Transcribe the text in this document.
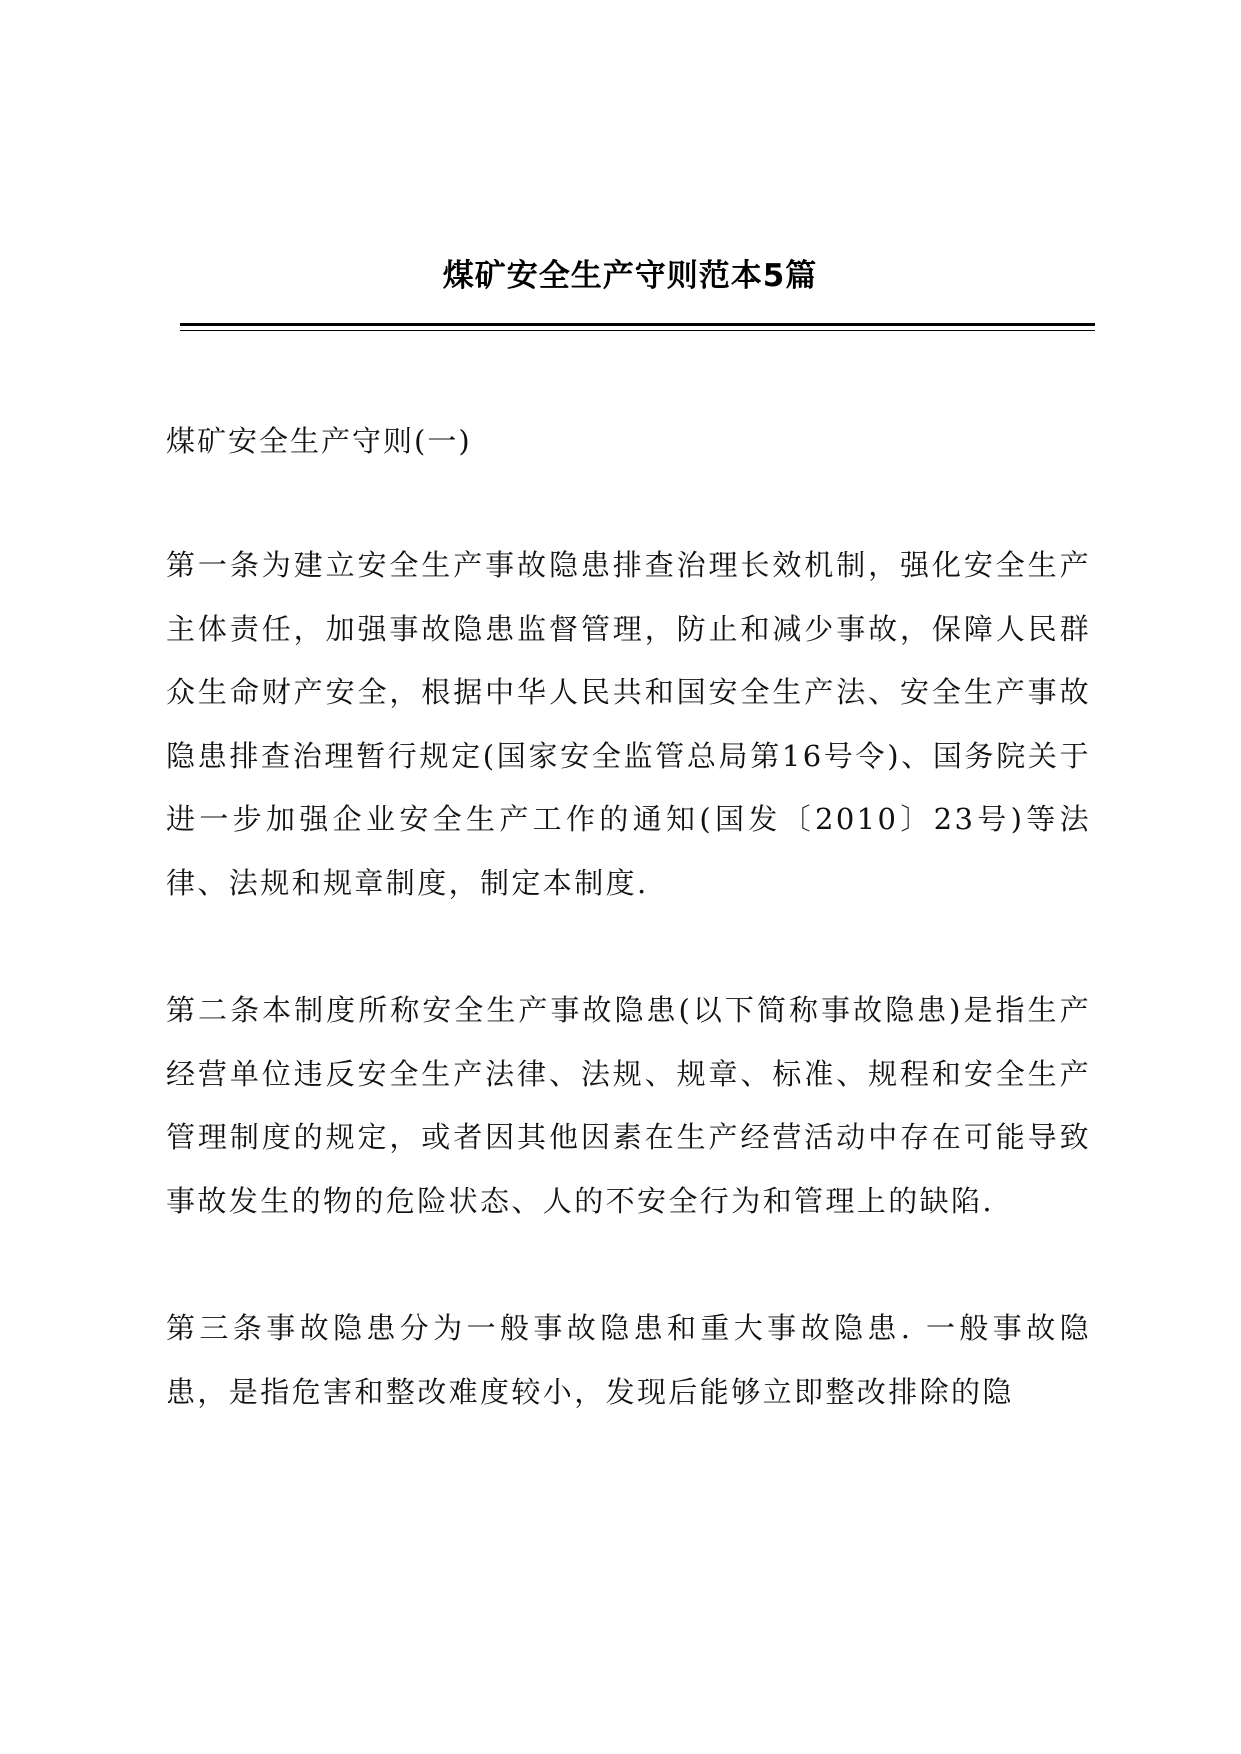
煤矿安全生产守则范本5篇
煤矿安全生产守则(一)

第一条为建立安全生产事故隐患排查治理长效机制，强化安全生产主体责任，加强事故隐患监督管理，防止和减少事故，保障人民群众生命财产安全，根据中华人民共和国安全生产法、安全生产事故隐患排查治理暂行规定(国家安全监管总局第16号令)、国务院关于进一步加强企业安全生产工作的通知(国发〔2010〕23号)等法律、法规和规章制度，制定本制度.

第二条本制度所称安全生产事故隐患(以下简称事故隐患)是指生产经营单位违反安全生产法律、法规、规章、标准、规程和安全生产管理制度的规定，或者因其他因素在生产经营活动中存在可能导致事故发生的物的危险状态、人的不安全行为和管理上的缺陷.

第三条事故隐患分为一般事故隐患和重大事故隐患. 一般事故隐患，是指危害和整改难度较小，发现后能够立即整改排除的隐
